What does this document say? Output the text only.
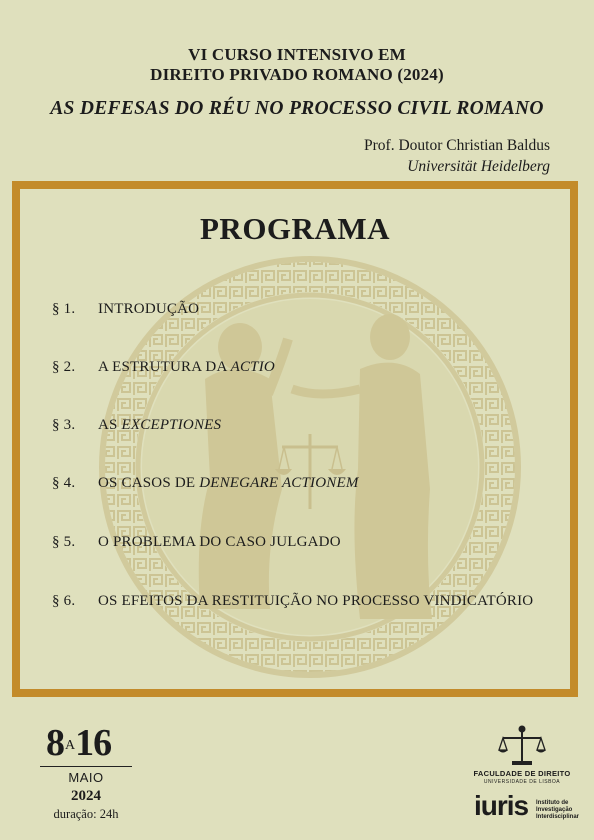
VI CURSO INTENSIVO EM
DIREITO PRIVADO ROMANO (2024)
AS DEFESAS DO RÉU NO PROCESSO CIVIL ROMANO
Prof. Doutor Christian Baldus
Universität Heidelberg
PROGRAMA
§ 1. INTRODUÇÃO
§ 2. A ESTRUTURA DA ACTIO
§ 3. AS EXCEPTIONES
§ 4. OS CASOS DE DENEGARE ACTIONEM
§ 5. O PROBLEMA DO CASO JULGADO
§ 6. OS EFEITOS DA RESTITUIÇÃO NO PROCESSO VINDICATÓRIO
8A16
MAIO
2024
duração: 24h
FACULDADE DE DIREITO
UNIVERSIDADE DE LISBOA
iuris Instituto de
Investigação
Interdisciplinar
